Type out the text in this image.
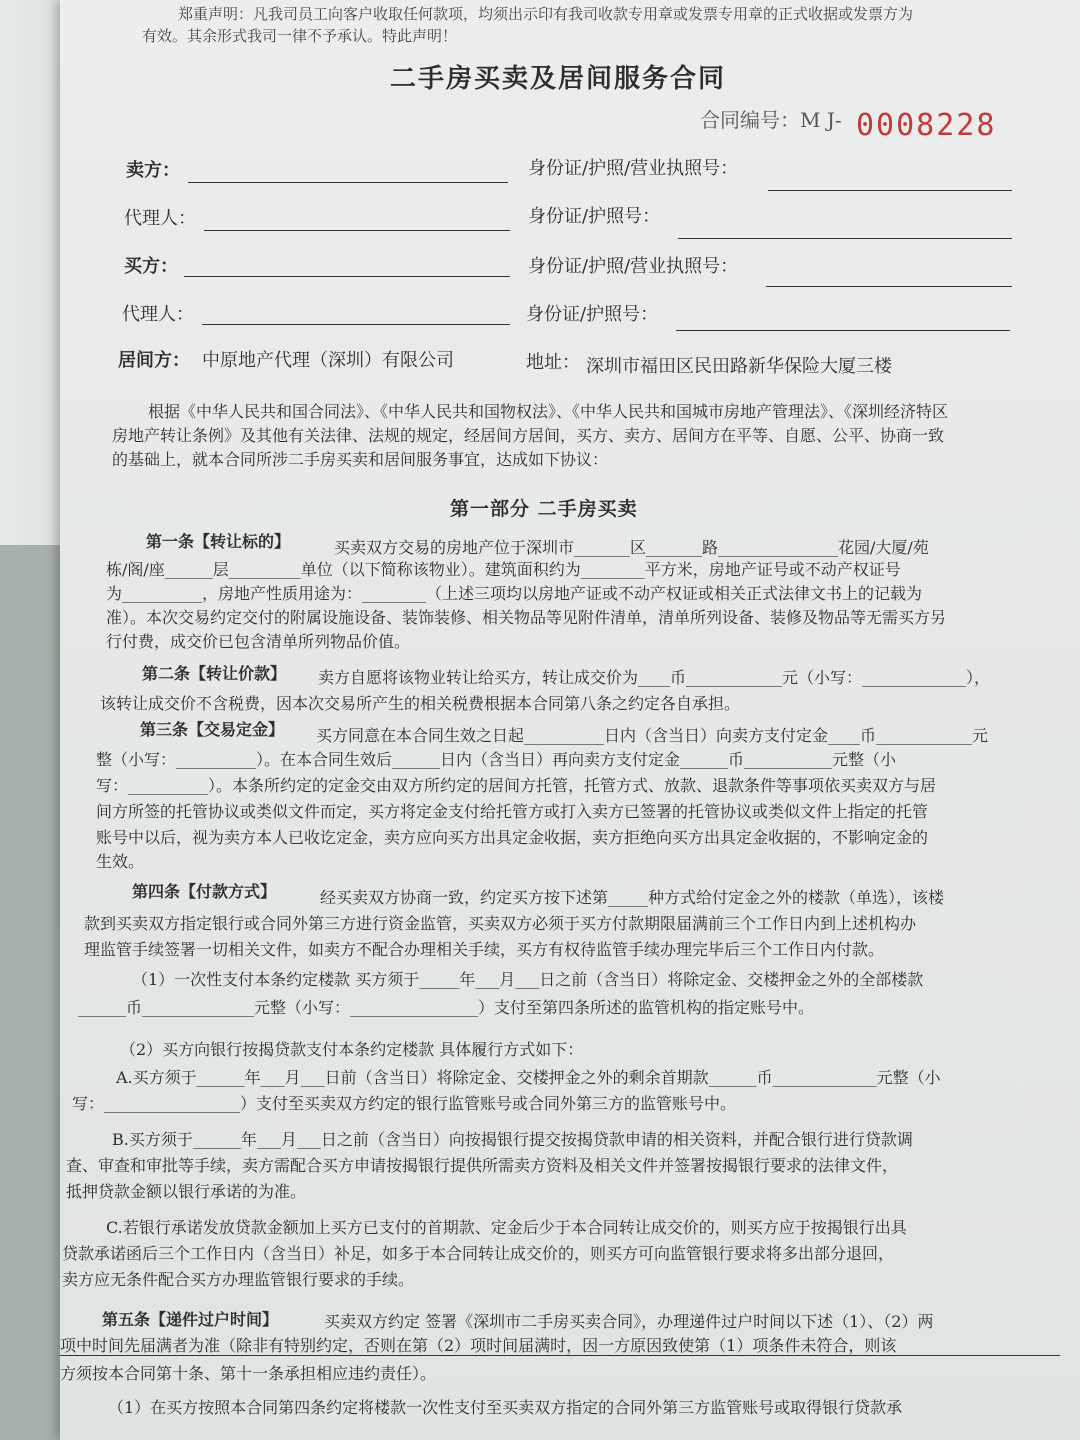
郑重声明：凡我司员工向客户收取任何款项，均须出示印有我司收款专用章或发票专用章的正式收据或发票方为
有效。其余形式我司一律不予承认。特此声明！
二手房买卖及居间服务合同
合同编号：M J- 0008228
卖方：	身份证/护照/营业执照号：
代理人：	身份证/护照号：
买方：	身份证/护照/营业执照号：
代理人：	身份证/护照号：
居间方： 中原地产代理（深圳）有限公司	地址： 深圳市福田区民田路新华保险大厦三楼
根据《中华人民共和国合同法》、《中华人民共和国物权法》、《中华人民共和国城市房地产管理法》、《深圳经济特区
房地产转让条例》及其他有关法律、法规的规定，经居间方居间，买方、卖方、居间方在平等、自愿、公平、协商一致
的基础上，就本合同所涉二手房买卖和居间服务事宜，达成如下协议：
第一部分 二手房买卖
第一条【转让标的】	买卖双方交易的房地产位于深圳市_______区_______路_______________花园/大厦/苑
栋/阁/座______层_________单位（以下简称该物业）。建筑面积约为________平方米，房地产证号或不动产权证号
为__________，房地产性质用途为：________（上述三项均以房地产证或不动产权证或相关正式法律文书上的记载为
准）。本次交易约定交付的附属设施设备、装饰装修、相关物品等见附件清单，清单所列设备、装修及物品等无需买方另
行付费，成交价已包含清单所列物品价值。
第二条【转让价款】 卖方自愿将该物业转让给买方，转让成交价为____币____________元（小写：_____________），
该转让成交价不含税费，因本次交易所产生的相关税费根据本合同第八条之约定各自承担。
第三条【交易定金】 买方同意在本合同生效之日起__________日内（含当日）向卖方支付定金____币____________元
整（小写：__________）。在本合同生效后______日内（含当日）再向卖方支付定金______币___________元整（小
写：__________）。本条所约定的定金交由双方所约定的居间方托管，托管方式、放款、退款条件等事项依买卖双方与居
间方所签的托管协议或类似文件而定，买方将定金支付给托管方或打入卖方已签署的托管协议或类似文件上指定的托管
账号中以后，视为卖方本人已收讫定金，卖方应向买方出具定金收据，卖方拒绝向买方出具定金收据的，不影响定金的
生效。
第四条【付款方式】	经买卖双方协商一致，约定买方按下述第_____种方式给付定金之外的楼款（单选），该楼
款到买卖双方指定银行或合同外第三方进行资金监管，买卖双方必须于买方付款期限届满前三个工作日内到上述机构办
理监管手续签署一切相关文件，如卖方不配合办理相关手续，买方有权待监管手续办理完毕后三个工作日内付款。
（1）一次性支付本条约定楼款 买方须于_____年___月___日之前（含当日）将除定金、交楼押金之外的全部楼款
______币______________元整（小写：________________）支付至第四条所述的监管机构的指定账号中。
（2）买方向银行按揭贷款支付本条约定楼款 具体履行方式如下：
A.买方须于______年___月___日前（含当日）将除定金、交楼押金之外的剩余首期款______币_____________元整（小
写：_________________）支付至买卖双方约定的银行监管账号或合同外第三方的监管账号中。
B.买方须于______年___月___日之前（含当日）向按揭银行提交按揭贷款申请的相关资料，并配合银行进行贷款调
查、审查和审批等手续，卖方需配合买方申请按揭银行提供所需卖方资料及相关文件并签署按揭银行要求的法律文件，
抵押贷款金额以银行承诺的为准。
C.若银行承诺发放贷款金额加上买方已支付的首期款、定金后少于本合同转让成交价的，则买方应于按揭银行出具
贷款承诺函后三个工作日内（含当日）补足，如多于本合同转让成交价的，则买方可向监管银行要求将多出部分退回，
卖方应无条件配合买方办理监管银行要求的手续。
第五条【递件过户时间】	买卖双方约定 签署《深圳市二手房买卖合同》，办理递件过户时间以下述（1）、（2）两
项中时间先届满者为准（除非有特别约定，否则在第（2）项时间届满时，因一方原因致使第（1）项条件未符合，则该
方须按本合同第十条、第十一条承担相应违约责任）。
（1）在买方按照本合同第四条约定将楼款一次性支付至买卖双方指定的合同外第三方监管账号或取得银行贷款承
